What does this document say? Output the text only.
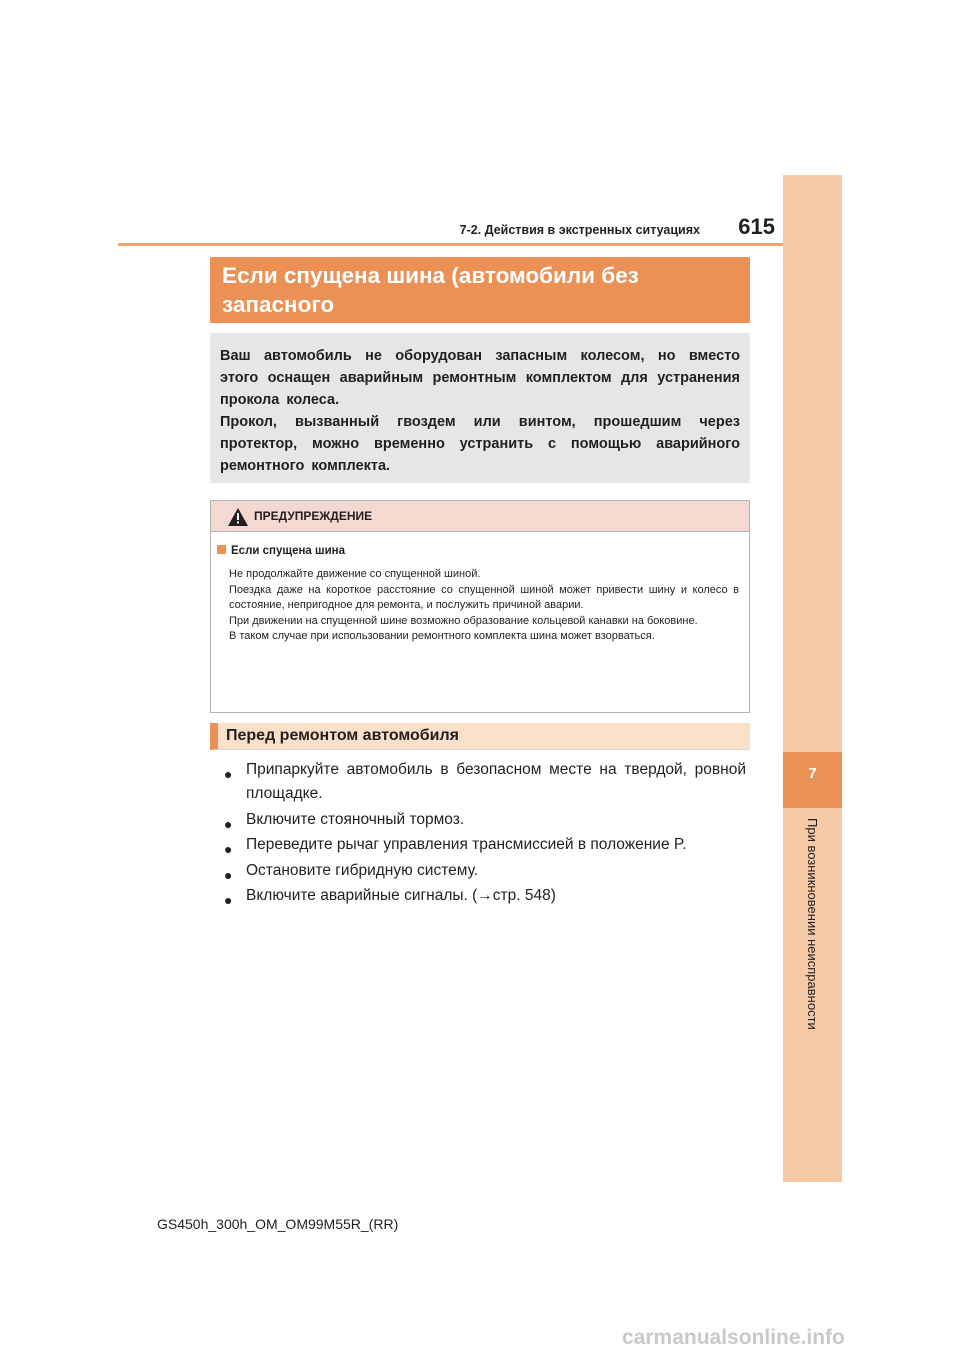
7
При возникновении неисправности
7-2. Действия в экстренных ситуациях	615
Если спущена шина (автомобили без запасного

Ваш автомобиль не оборудован запасным колесом, но вместо этого оснащен аварийным ремонтным комплектом для устранения прокола колеса.

Прокол, вызванный гвоздем или винтом, прошедшим через протектор, можно временно устранить с помощью аварийного ремонтного комплекта.

ПРЕДУПРЕЖДЕНИЕ
Если спущена шина

Не продолжайте движение со спущенной шиной.

Поездка даже на короткое расстояние со спущенной шиной может привести шину и колесо в состояние, непригодное для ремонта, и послужить причиной аварии.

При движении на спущенной шине возможно образование кольцевой канавки на боковине.

В таком случае при использовании ремонтного комплекта шина может взорваться.

Перед ремонтом автомобиля
● Припаркуйте автомобиль в безопасном месте на твердой, ровной площадке.
● Включите стояночный тормоз.
● Переведите рычаг управления трансмиссией в положение P.
● Остановите гибридную систему.
● Включите аварийные сигналы. (→стр. 548)
GS450h_300h_OM_OM99M55R_(RR)
carmanualsonline.info
